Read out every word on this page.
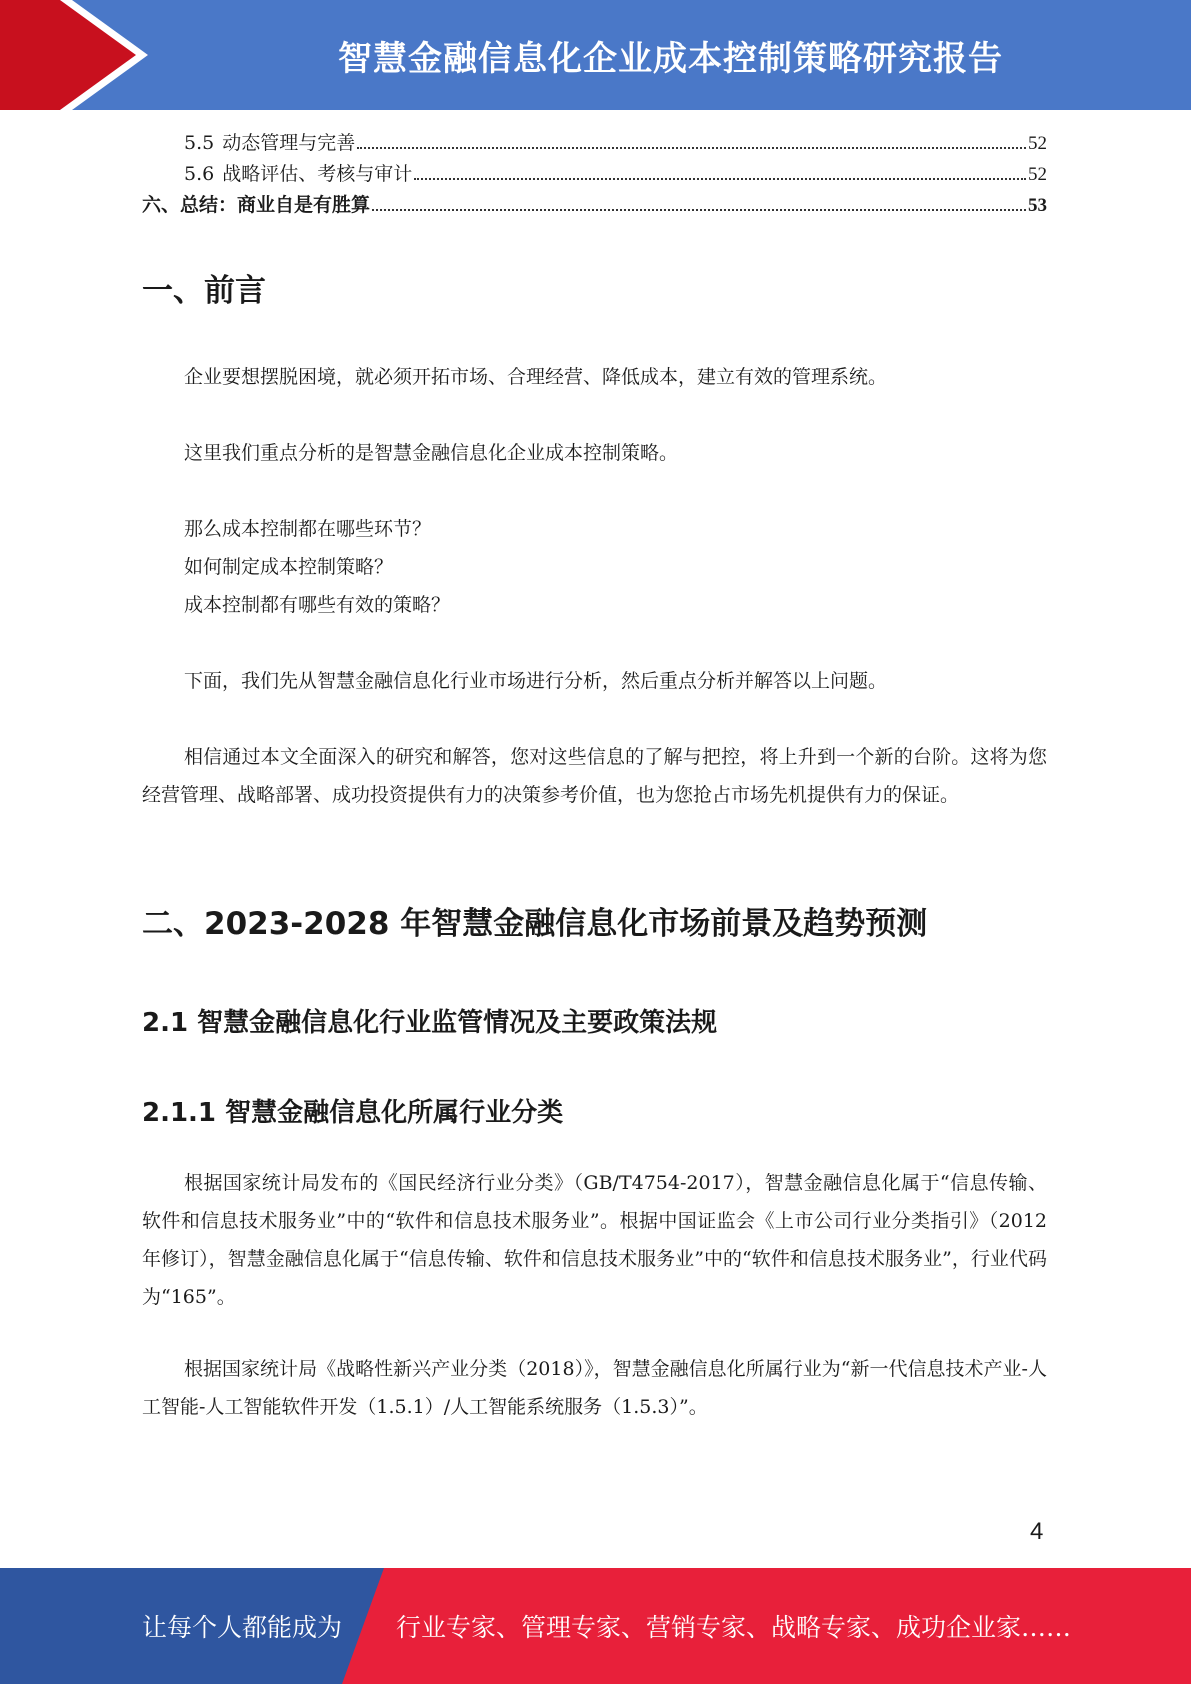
智慧金融信息化企业成本控制策略研究报告
5.5 动态管理与完善	52
5.6 战略评估、考核与审计	52
六、总结：商业自是有胜算	53
一、前言

企业要想摆脱困境，就必须开拓市场、合理经营、降低成本，建立有效的管理系统。

这里我们重点分析的是智慧金融信息化企业成本控制策略。

那么成本控制都在哪些环节？
如何制定成本控制策略？
成本控制都有哪些有效的策略？

下面，我们先从智慧金融信息化行业市场进行分析，然后重点分析并解答以上问题。

相信通过本文全面深入的研究和解答，您对这些信息的了解与把控，将上升到一个新的台阶。这将为您经营管理、战略部署、成功投资提供有力的决策参考价值，也为您抢占市场先机提供有力的保证。

二、2023-2028 年智慧金融信息化市场前景及趋势预测
2.1 智慧金融信息化行业监管情况及主要政策法规
2.1.1 智慧金融信息化所属行业分类

根据国家统计局发布的《国民经济行业分类》（GB/T4754-2017），智慧金融信息化属于“信息传输、软件和信息技术服务业”中的“软件和信息技术服务业”。根据中国证监会《上市公司行业分类指引》（2012 年修订），智慧金融信息化属于“信息传输、软件和信息技术服务业”中的“软件和信息技术服务业”，行业代码为“165”。

根据国家统计局《战略性新兴产业分类（2018）》，智慧金融信息化所属行业为“新一代信息技术产业-人工智能-人工智能软件开发（1.5.1）/人工智能系统服务（1.5.3）”。

4
让每个人都能成为 行业专家、管理专家、营销专家、战略专家、成功企业家……
